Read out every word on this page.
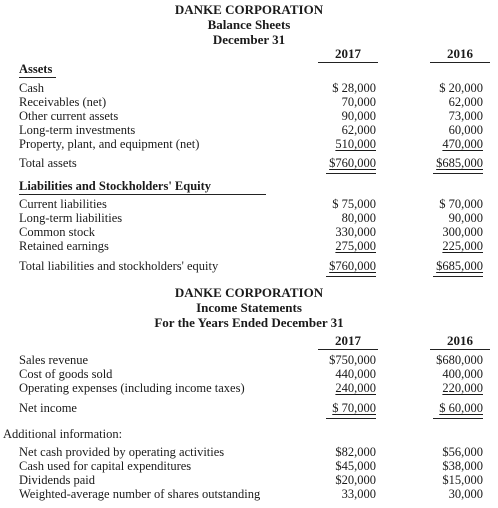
DANKE CORPORATION
Balance Sheets
December 31
2017	2016
Assets
Cash	$ 28,000	$ 20,000
Receivables (net)	70,000	62,000
Other current assets	90,000	73,000
Long-term investments	62,000	60,000
Property, plant, and equipment (net)	510,000	470,000
Total assets	$760,000	$685,000
Liabilities and Stockholders' Equity
Current liabilities	$ 75,000	$ 70,000
Long-term liabilities	80,000	90,000
Common stock	330,000	300,000
Retained earnings	275,000	225,000
Total liabilities and stockholders' equity	$760,000	$685,000
DANKE CORPORATION
Income Statements
For the Years Ended December 31
2017	2016
Sales revenue	$750,000	$680,000
Cost of goods sold	440,000	400,000
Operating expenses (including income taxes)	240,000	220,000
Net income	$ 70,000	$ 60,000
Additional information:
Net cash provided by operating activities	$82,000	$56,000
Cash used for capital expenditures	$45,000	$38,000
Dividends paid	$20,000	$15,000
Weighted-average number of shares outstanding	33,000	30,000
